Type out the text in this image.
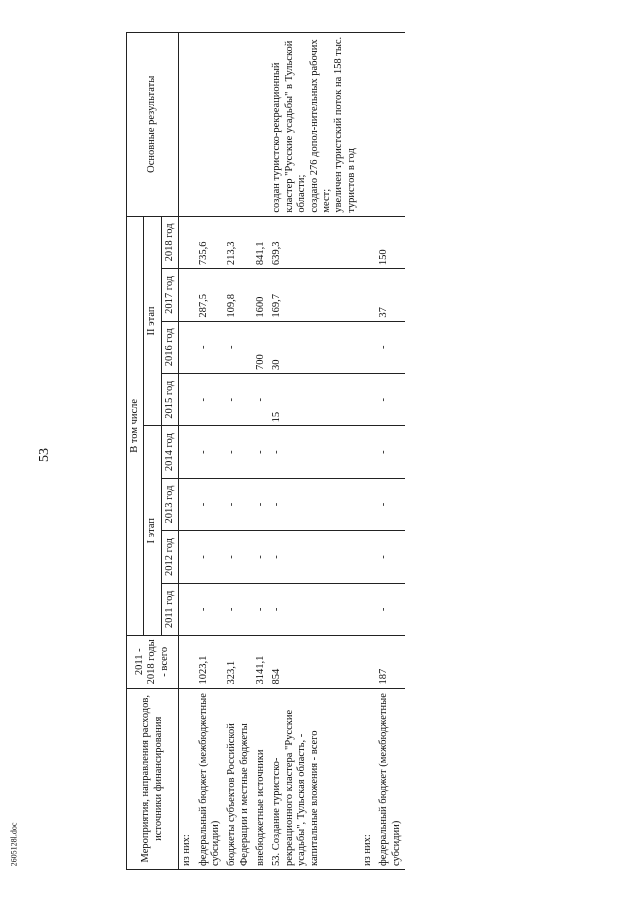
53
2605128l.doc	Мероприятия, направления расходов, источники финансирования	2011 - 2018 годы - всего	В том числе								Основные результаты
		I этап				II этап				
		2011 год	2012 год	2013 год	2014 год	2015 год	2016 год	2017 год	2018 год	
из них:										
федеральный бюджет (межбюджетные субсидии)	1023,1	-	-	-	-	-	-	287,5	735,6	
бюджеты субъектов Российской Федерации и местные бюджеты	323,1	-	-	-	-	-	-	109,8	213,3	
внебюджетные источники	3141,1	-	-	-	-	-	700	1600	841,1	
53. Создание туристско-рекреационного кластера "Русские усадьбы", Тульская область, - капитальные вложения - всего	854	-	-	-	-	15	30	169,7	639,3	создан туристско-рекреационный кластер "Русские усадьбы" в Тульской области;
создано 276 допол-нительных рабочих мест;
увеличен туристский поток на 158 тыс. туристов в год
из них:										
федеральный бюджет (межбюджетные субсидии)	187	-	-	-	-	-	-	37	150	
